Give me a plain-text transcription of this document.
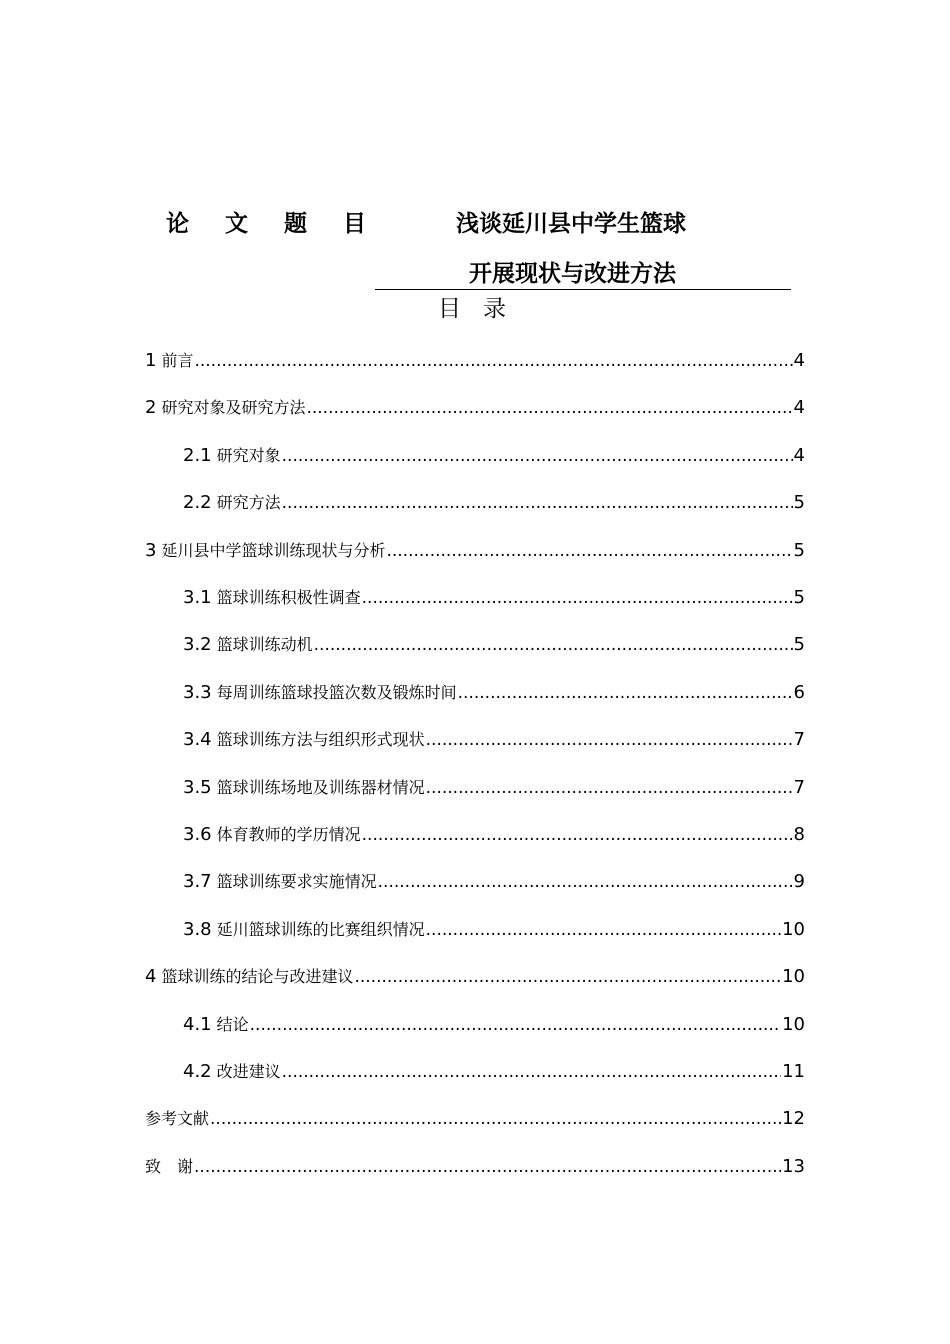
论 文 题 目	浅谈延川县中学生篮球
开展现状与改进方法
目录
1 前言 .....	4
2 研究对象及研究方法 .....	4
2.1 研究对象 .....	4
2.2 研究方法 .....	5
3 延川县中学篮球训练现状与分析 .....	5
3.1 篮球训练积极性调查 .....	5
3.2 篮球训练动机 .....	5
3.3 每周训练篮球投篮次数及锻炼时间 .....	6
3.4 篮球训练方法与组织形式现状 .....	7
3.5 篮球训练场地及训练器材情况 .....	7
3.6 体育教师的学历情况 .....	8
3.7 篮球训练要求实施情况 .....	9
3.8 延川篮球训练的比赛组织情况 .....	10
4 篮球训练的结论与改进建议 .....	10
4.1 结论 .....	10
4.2 改进建议 .....	11
参考文献 .....	12
致　谢 .....	13
